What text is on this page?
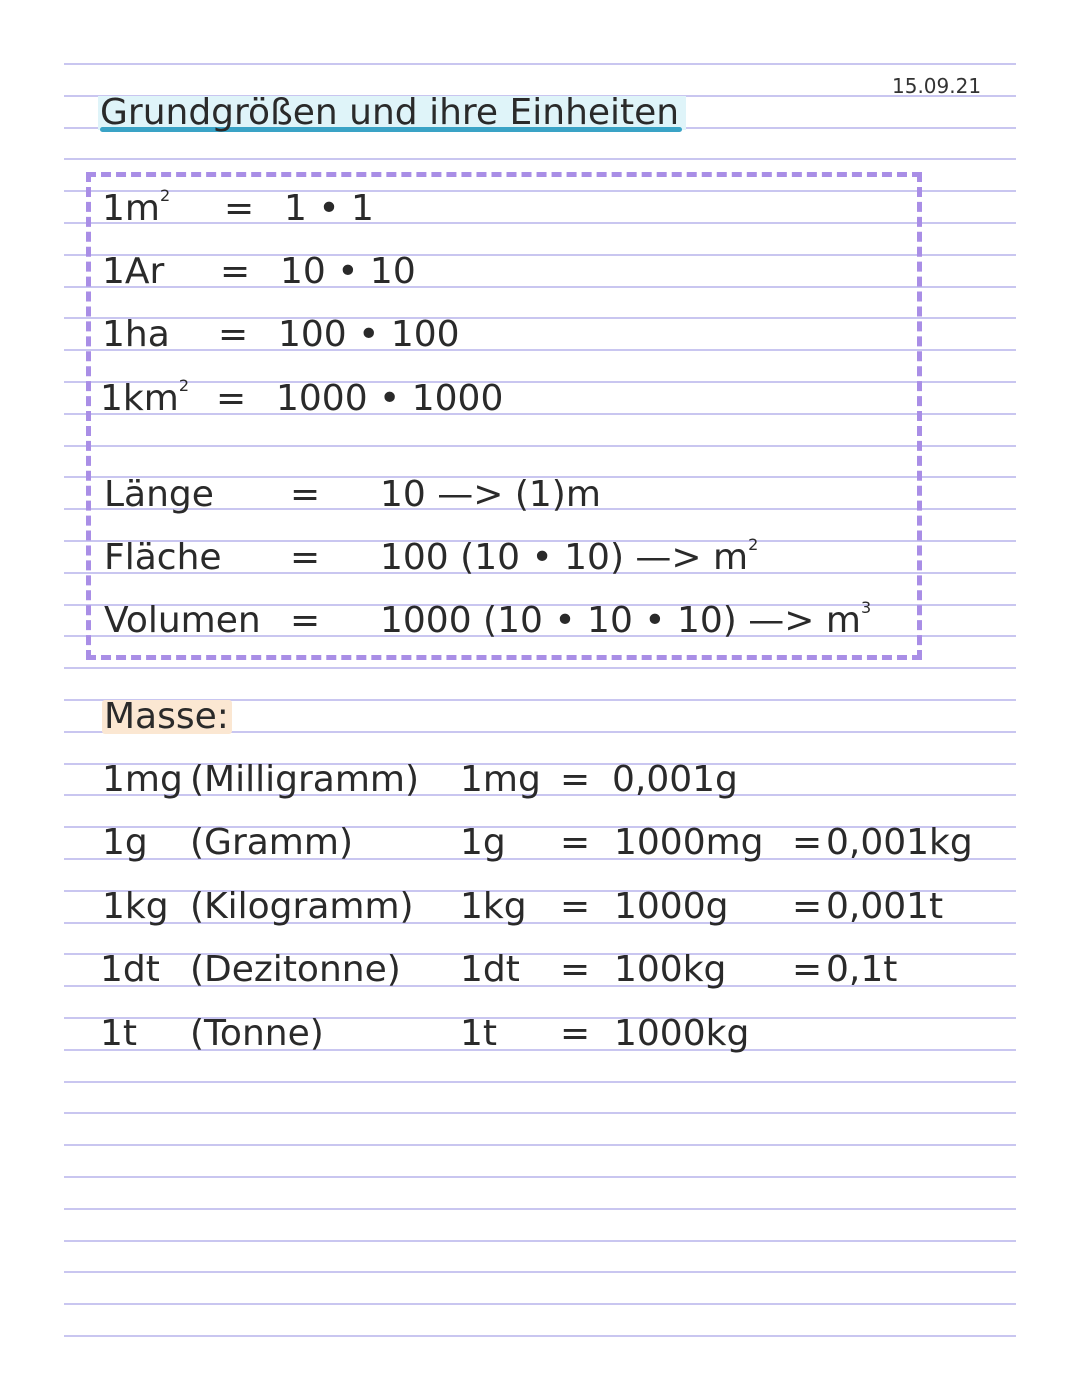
15.09.21
Grundgrößen und ihre Einheiten
$1m^2 = 1$ • 1
1Ar = 10 • 10
1ha = 100 • 100
$1km^2 = 1000$ • 1000
Länge = 10 —> (1)m
Fläche = 100 (10 • 10) —> $m^2$
Volumen = 1000 (10 • 10 • 10) —> $m^3$
Masse:
1mg (Milligramm) 1mg = 0,001g
1g (Gramm)	1g = 1000mg = 0,001kg
1kg (Kilogramm) 1kg = 1000g = 0,001t
1dt (Dezitonne) 1dt = 100kg = 0,1t
1t (Tonne)	1t = 1000kg
